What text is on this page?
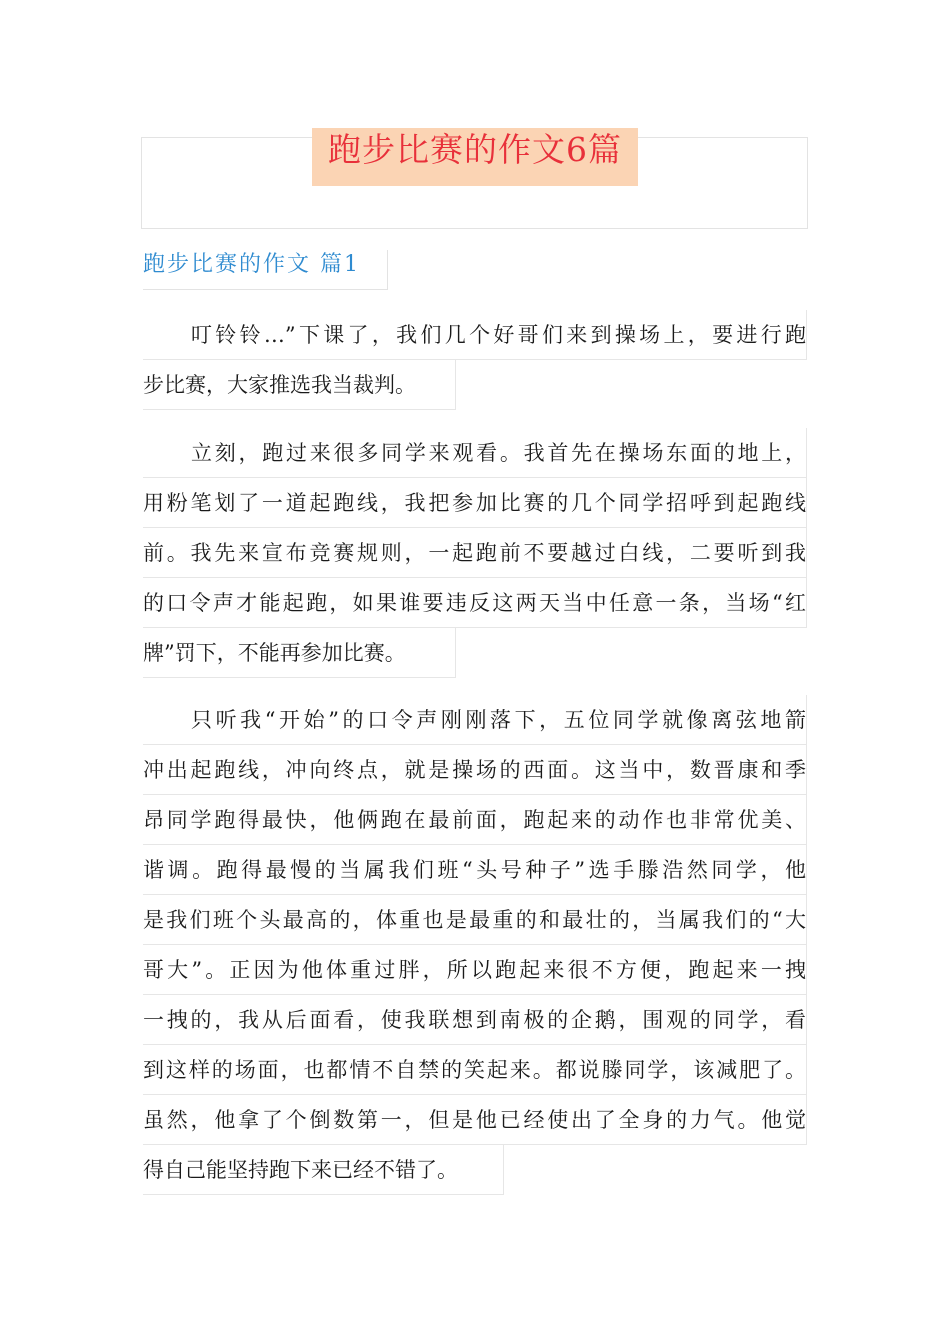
跑步比赛的作文6篇
跑步比赛的作文 篇1
叮铃铃…”下课了，我们几个好哥们来到操场上，要进行跑
步比赛，大家推选我当裁判。
立刻，跑过来很多同学来观看。我首先在操场东面的地上，
用粉笔划了一道起跑线，我把参加比赛的几个同学招呼到起跑线
前。我先来宣布竞赛规则，一起跑前不要越过白线，二要听到我
的口令声才能起跑，如果谁要违反这两天当中任意一条，当场“红
牌”罚下，不能再参加比赛。
只听我“开始”的口令声刚刚落下，五位同学就像离弦地箭
冲出起跑线，冲向终点，就是操场的西面。这当中，数晋康和季
昂同学跑得最快，他俩跑在最前面，跑起来的动作也非常优美、
谐调。跑得最慢的当属我们班“头号种子”选手滕浩然同学，他
是我们班个头最高的，体重也是最重的和最壮的，当属我们的“大
哥大”。正因为他体重过胖，所以跑起来很不方便，跑起来一拽
一拽的，我从后面看，使我联想到南极的企鹅，围观的同学，看
到这样的场面，也都情不自禁的笑起来。都说滕同学，该减肥了。
虽然，他拿了个倒数第一，但是他已经使出了全身的力气。他觉
得自己能坚持跑下来已经不错了。
